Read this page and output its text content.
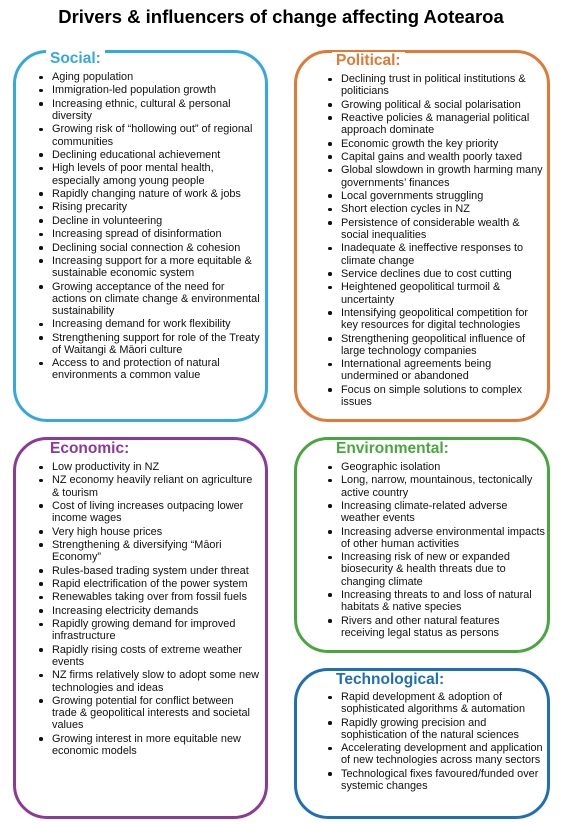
Drivers & influencers of change affecting Aotearoa
Social:
Aging population
Immigration-led population growth
Increasing ethnic, cultural & personal diversity
Growing risk of “hollowing out” of regional communities
Declining educational achievement
High levels of poor mental health, especially among young people
Rapidly changing nature of work & jobs
Rising precarity
Decline in volunteering
Increasing spread of disinformation
Declining social connection & cohesion
Increasing support for a more equitable & sustainable economic system
Growing acceptance of the need for actions on climate change & environmental sustainability
Increasing demand for work flexibility
Strengthening support for role of the Treaty of Waitangi & Māori culture
Access to and protection of natural environments a common value
Political:
Declining trust in political institutions & politicians
Growing political & social polarisation
Reactive policies & managerial political approach dominate
Economic growth the key priority
Capital gains and wealth poorly taxed
Global slowdown in growth harming many governments’ finances
Local governments struggling
Short election cycles in NZ
Persistence of considerable wealth & social inequalities
Inadequate & ineffective responses to climate change
Service declines due to cost cutting
Heightened geopolitical turmoil & uncertainty
Intensifying geopolitical competition for key resources for digital technologies
Strengthening geopolitical influence of large technology companies
International agreements being undermined or abandoned
Focus on simple solutions to complex issues
Economic:
Low productivity in NZ
NZ economy heavily reliant on agriculture & tourism
Cost of living increases outpacing lower income wages
Very high house prices
Strengthening & diversifying “Māori Economy”
Rules-based trading system under threat
Rapid electrification of the power system
Renewables taking over from fossil fuels
Increasing electricity demands
Rapidly growing demand for improved infrastructure
Rapidly rising costs of extreme weather events
NZ firms relatively slow to adopt some new technologies and ideas
Growing potential for conflict between trade & geopolitical interests and societal values
Growing interest in more equitable new economic models
Environmental:
Geographic isolation
Long, narrow, mountainous, tectonically active country
Increasing climate-related adverse weather events
Increasing adverse environmental impacts of other human activities
Increasing risk of new or expanded biosecurity & health threats due to changing climate
Increasing threats to and loss of natural habitats & native species
Rivers and other natural features receiving legal status as persons
Technological:
Rapid development & adoption of sophisticated algorithms & automation
Rapidly growing precision and sophistication of the natural sciences
Accelerating development and application of new technologies across many sectors
Technological fixes favoured/funded over systemic changes
